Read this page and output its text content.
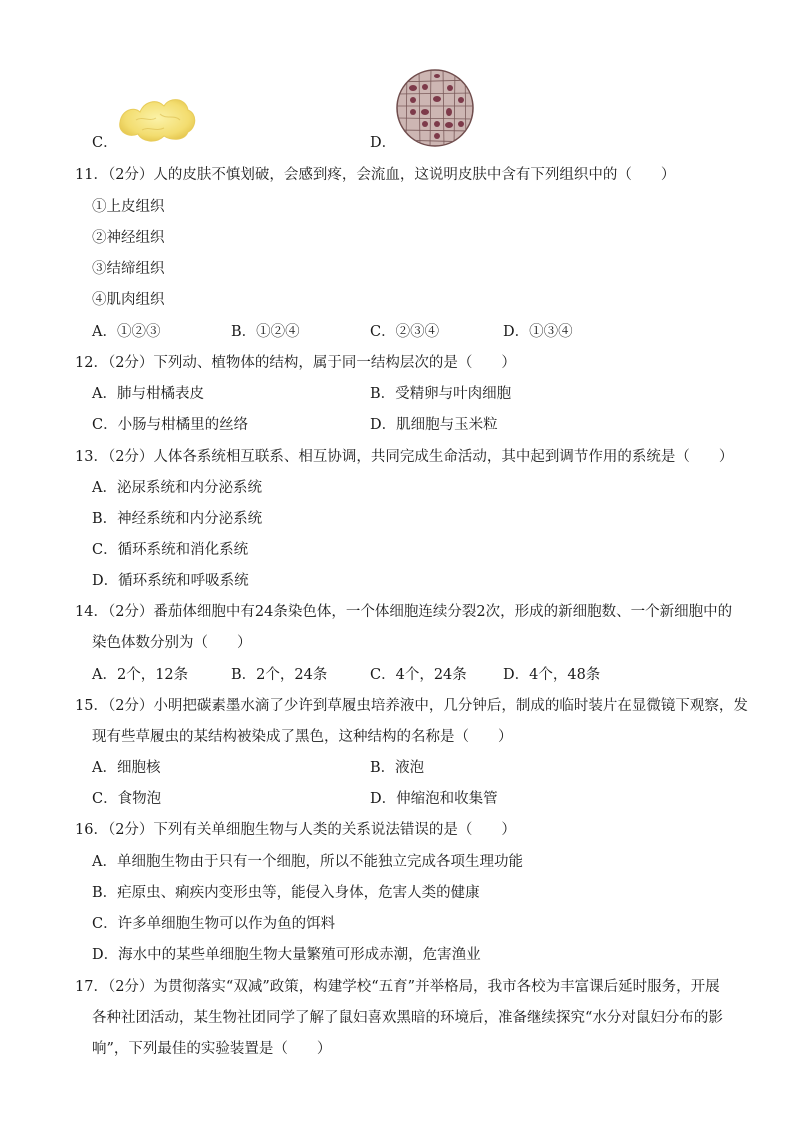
C．	D．
11．（2分）人的皮肤不慎划破，会感到疼，会流血，这说明皮肤中含有下列组织中的（　　）
①上皮组织
②神经组织
③结缔组织
④肌肉组织
A．①②③	B．①②④	C．②③④	D．①③④
12．（2分）下列动、植物体的结构，属于同一结构层次的是（　　）
A．肺与柑橘表皮	B．受精卵与叶肉细胞
C．小肠与柑橘里的丝络	D．肌细胞与玉米粒
13．（2分）人体各系统相互联系、相互协调，共同完成生命活动，其中起到调节作用的系统是（　　）
A．泌尿系统和内分泌系统
B．神经系统和内分泌系统
C．循环系统和消化系统
D．循环系统和呼吸系统
14．（2分）番茄体细胞中有24条染色体，一个体细胞连续分裂2次，形成的新细胞数、一个新细胞中的
染色体数分别为（　　）
A．2个，12条	B．2个，24条	C．4个，24条 D．4个，48条
15．（2分）小明把碳素墨水滴了少许到草履虫培养液中，几分钟后，制成的临时装片在显微镜下观察，发
现有些草履虫的某结构被染成了黑色，这种结构的名称是（　　）
A．细胞核	B．液泡
C．食物泡	D．伸缩泡和收集管
16．（2分）下列有关单细胞生物与人类的关系说法错误的是（　　）
A．单细胞生物由于只有一个细胞，所以不能独立完成各项生理功能
B．疟原虫、痢疾内变形虫等，能侵入身体，危害人类的健康
C．许多单细胞生物可以作为鱼的饵料
D．海水中的某些单细胞生物大量繁殖可形成赤潮，危害渔业
17．（2分）为贯彻落实“双减”政策，构建学校“五育”并举格局，我市各校为丰富课后延时服务，开展
各种社团活动，某生物社团同学了解了鼠妇喜欢黑暗的环境后，准备继续探究“水分对鼠妇分布的影
响”，下列最佳的实验装置是（　　）
